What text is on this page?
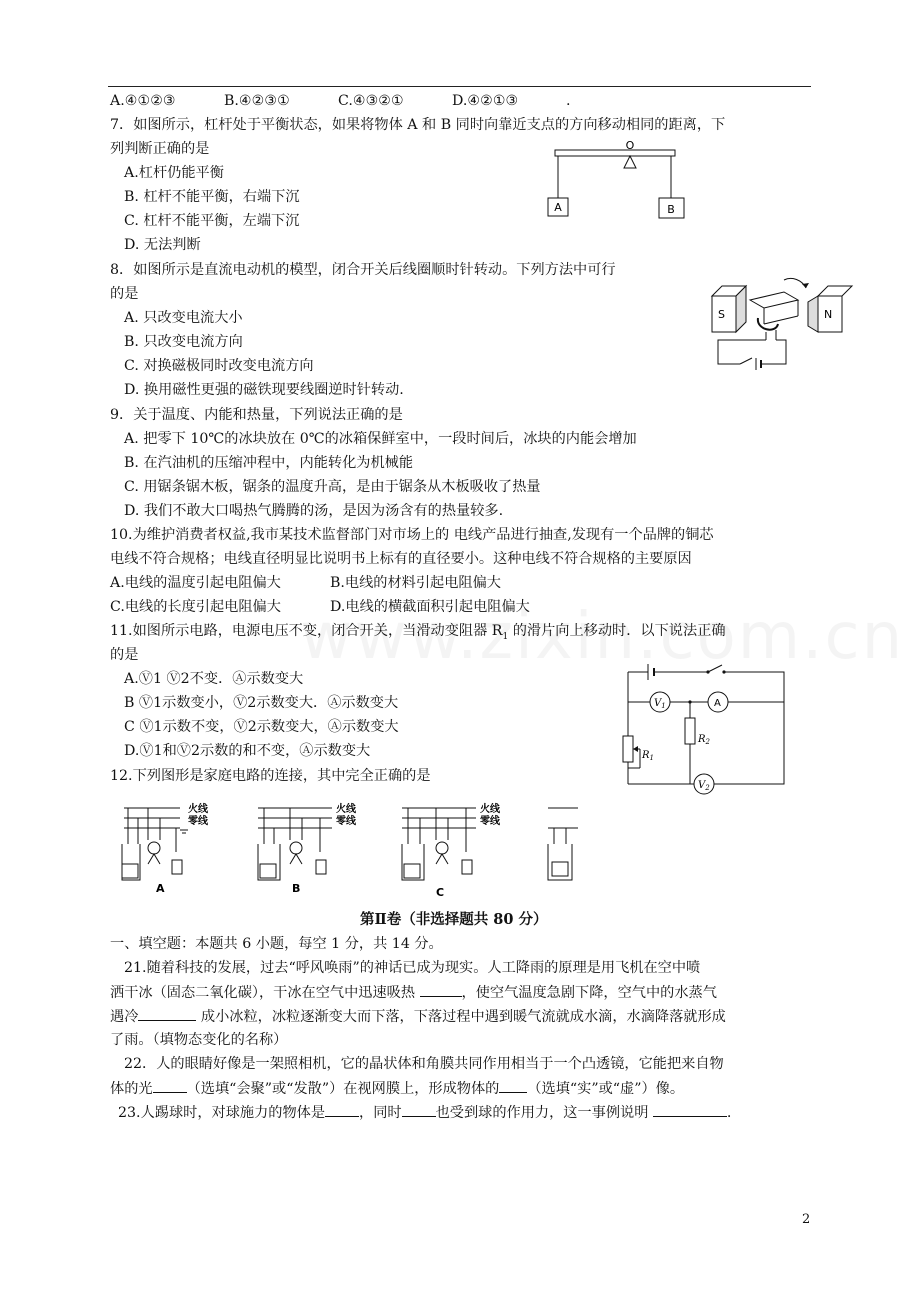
A.④①②③	B.④②③①	C.④③②①	D.④②①③	.
7．如图所示，杠杆处于平衡状态，如果将物体 A 和 B 同时向靠近支点的方向移动相同的距离，下
列判断正确的是
A.杠杆仍能平衡
B. 杠杆不能平衡，右端下沉
C. 杠杆不能平衡，左端下沉
D. 无法判断
O
A	B
8．如图所示是直流电动机的模型，闭合开关后线圈顺时针转动。下列方法中可行
的是
A. 只改变电流大小
B. 只改变电流方向
C. 对换磁极同时改变电流方向
D. 换用磁性更强的磁铁现要线圈逆时针转动.
S	N
9．关于温度、内能和热量，下列说法正确的是
A. 把零下 10℃的冰块放在 0℃的冰箱保鲜室中，一段时间后，冰块的内能会增加
B. 在汽油机的压缩冲程中，内能转化为机械能
C. 用锯条锯木板，锯条的温度升高，是由于锯条从木板吸收了热量
D. 我们不敢大口喝热气腾腾的汤，是因为汤含有的热量较多.
10.为维护消费者权益,我市某技术监督部门对市场上的 电线产品进行抽查,发现有一个品牌的铜芯
电线不符合规格；电线直径明显比说明书上标有的直径要小。这种电线不符合规格的主要原因
A.电线的温度引起电阻偏大	B.电线的材料引起电阻偏大
C.电线的长度引起电阻偏大	D.电线的横截面积引起电阻偏大
11.如图所示电路，电源电压不变，闭合开关，当滑动变阻器 $R_1$ 的滑片向上移动时．以下说法正确
的是
A.Ⓥ1 Ⓥ2不变．Ⓐ示数变大
B Ⓥ1示数变小，Ⓥ2示数变大．Ⓐ示数变大
C Ⓥ1示数不变，Ⓥ2示数变大，Ⓐ示数变大
D.Ⓥ1和Ⓥ2示数的和不变，Ⓐ示数变大
$V_1$	A
$R_2$
$R_1$
$V_2$
12.下列图形是家庭电路的连接，其中完全正确的是
火线
零线
A
火线
零线
B
火线
零线
C
第Ⅱ卷（非选择题共 80 分）
一、填空题：本题共 6 小题，每空 1 分，共 14 分。
21.随着科技的发展，过去“呼风唤雨”的神话已成为现实。人工降雨的原理是用飞机在空中喷
洒干冰（固态二氧化碳），干冰在空气中迅速吸热	，使空气温度急剧下降，空气中的水蒸气
遇冷	成小冰粒，冰粒逐渐变大而下落，下落过程中遇到暖气流就成水滴，水滴降落就形成
了雨。（填物态变化的名称）
22．人的眼睛好像是一架照相机，它的晶状体和角膜共同作用相当于一个凸透镜，它能把来自物
体的光 （选填“会聚”或“发散”）在视网膜上，形成物体的 （选填“实”或“虚”）像。
23.人踢球时，对球施力的物体是 ，同时 也受到球的作用力，这一事例说明	.
2
